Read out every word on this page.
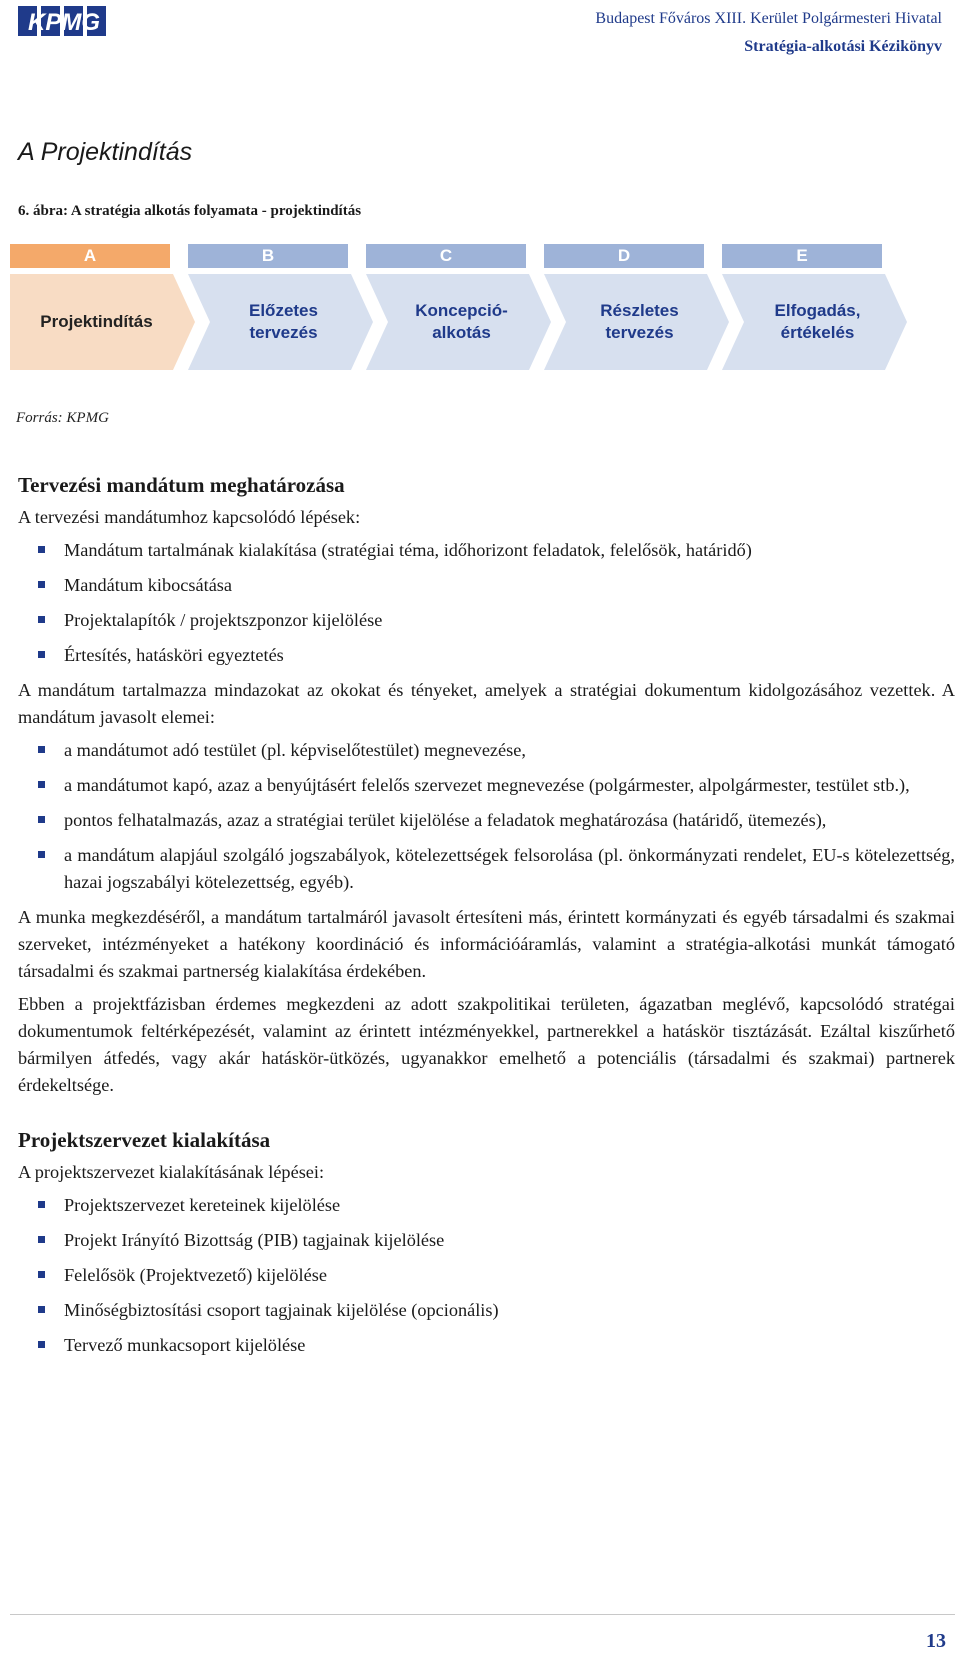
KPMG	Budapest Főváros XIII. Kerület Polgármesteri Hivatal
Stratégia-alkotási Kézikönyv
A Projektindítás
6. ábra: A stratégia alkotás folyamata - projektindítás
A
Projektindítás
B
Előzetes
tervezés
C
Koncepció-
alkotás
D
Részletes
tervezés
E
Elfogadás,
értékelés
Forrás: KPMG
Tervezési mandátum meghatározása

A tervezési mandátumhoz kapcsolódó lépések:

Mandátum tartalmának kialakítása (stratégiai téma, időhorizont feladatok, felelősök, határidő)
Mandátum kibocsátása
Projektalapítók / projektszponzor kijelölése
Értesítés, hatásköri egyeztetés

A mandátum tartalmazza mindazokat az okokat és tényeket, amelyek a stratégiai dokumentum kidolgozásához vezettek. A mandátum javasolt elemei:

a mandátumot adó testület (pl. képviselőtestület) megnevezése,
a mandátumot kapó, azaz a benyújtásért felelős szervezet megnevezése (polgármester, alpolgármester, testület stb.),
pontos felhatalmazás, azaz a stratégiai terület kijelölése a feladatok meghatározása (határidő, ütemezés),
a mandátum alapjául szolgáló jogszabályok, kötelezettségek felsorolása (pl. önkormányzati rendelet, EU-s kötelezettség, hazai jogszabályi kötelezettség, egyéb).

A munka megkezdéséről, a mandátum tartalmáról javasolt értesíteni más, érintett kormányzati és egyéb társadalmi és szakmai szerveket, intézményeket a hatékony koordináció és információáramlás, valamint a stratégia-alkotási munkát támogató társadalmi és szakmai partnerség kialakítása érdekében.

Ebben a projektfázisban érdemes megkezdeni az adott szakpolitikai területen, ágazatban meglévő, kapcsolódó stratégai dokumentumok feltérképezését, valamint az érintett intézményekkel, partnerekkel a hatáskör tisztázását. Ezáltal kiszűrhető bármilyen átfedés, vagy akár hatáskör-ütközés, ugyanakkor emelhető a potenciális (társadalmi és szakmai) partnerek érdekeltsége.

Projektszervezet kialakítása

A projektszervezet kialakításának lépései:

Projektszervezet kereteinek kijelölése
Projekt Irányító Bizottság (PIB) tagjainak kijelölése
Felelősök (Projektvezető) kijelölése
Minőségbiztosítási csoport tagjainak kijelölése (opcionális)
Tervező munkacsoport kijelölése
13
